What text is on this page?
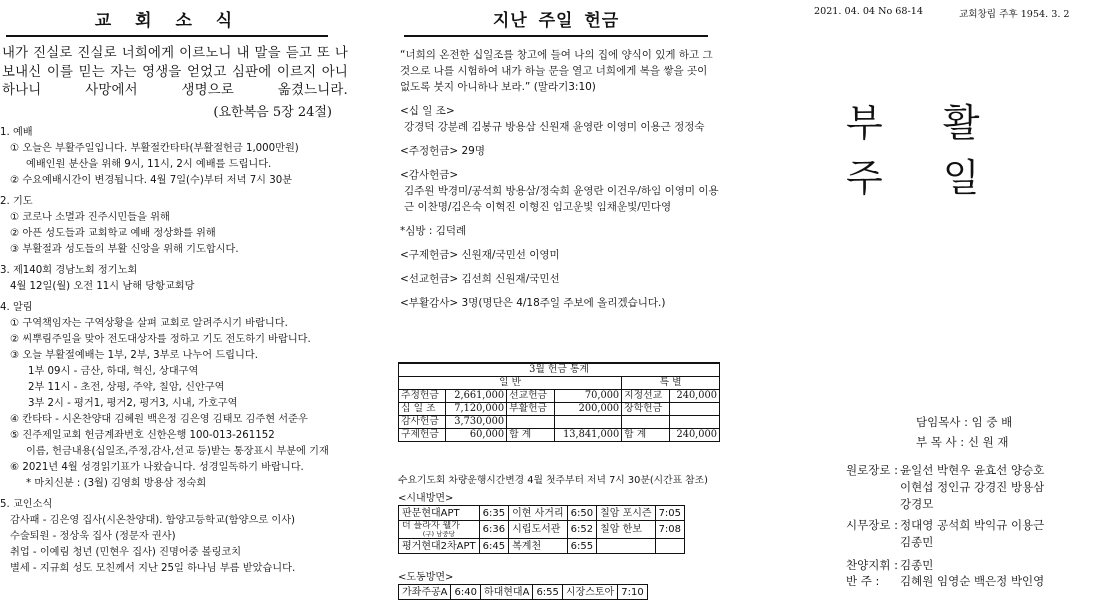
교 회 소 식
내가 진실로 진실로 너희에게 이르노니 내 말을 듣고 또 나 보내신 이를 믿는 자는 영생을 얻었고 심판에 이르지 아니하나니 사망에서 생명으로 옮겼느니라.
(요한복음 5장 24절)
1. 예배
① 오늘은 부활주일입니다. 부활절칸타타(부활절헌금 1,000만원)
예배인원 분산을 위해 9시, 11시, 2시 예배를 드립니다.
② 수요예배시간이 변경됩니다. 4월 7일(수)부터 저녁 7시 30분
2. 기도
① 코로나 소멸과 진주시민들을 위해
② 아픈 성도들과 교회학교 예배 정상화를 위해
③ 부활절과 성도들의 부활 신앙을 위해 기도합시다.
3. 제140회 경남노회 정기노회
4월 12일(월) 오전 11시 남해 당항교회당
4. 알림
① 구역책임자는 구역상황을 살펴 교회로 알려주시기 바랍니다.
② 씨뿌림주일을 맞아 전도대상자를 정하고 기도 전도하기 바랍니다.
③ 오늘 부활절예배는 1부, 2부, 3부로 나누어 드립니다.
1부 09시 - 금산, 하대, 혁신, 상대구역
2부 11시 - 초전, 상평, 주약, 칠암, 신안구역
3부 2시 - 평거1, 평거2, 평거3, 시내, 가호구역
④ 칸타타 - 시온찬양대 김혜원 백은정 김은영 김태모 김주현 서준우
⑤ 진주제일교회 헌금계좌번호 신한은행 100-013-261152
이름, 헌금내용(십일조,주정,감사,선교 등)받는 통장표시 부분에 기재
⑥ 2021년 4월 성경읽기표가 나왔습니다. 성경일독하기 바랍니다.
* 마치신분 : (3월) 김영희 방용삼 정숙희
5. 교인소식
감사패 - 김은영 집사(시온찬양대). 함양고등학교(함양으로 이사)
수술퇴원 - 정상욱 집사 (정문자 권사)
취업 - 이예림 청년 (민현우 집사) 진명어중 볼링코치
별세 - 지규희 성도 모친께서 지난 25일 하나님 부름 받았습니다.
지난 주일 헌금
“너희의 온전한 십일조를 창고에 들여 나의 집에 양식이 있게 하고 그것으로 나를 시험하여 내가 하늘 문을 열고 너희에게 복을 쌓을 곳이 없도록 붓지 아니하나 보라.” (말라기3:10)
<십 일 조>
강경덕 강분례 김봉규 방용삼 신원재 윤영란 이영미 이용근 정정숙
<주정헌금> 29명
<감사헌금>
김주원 박경미/공석희 방용삼/정숙희 윤영란 이건우/하임 이영미 이용근 이찬명/김은숙 이혁진 이형진 임고운빛 임채운빛/민다영
*심방 : 김덕례
<구제헌금> 신원재/국민선 이영미
<선교헌금> 김선희 신원재/국민선
<부활감사> 3명(명단은 4/18주일 주보에 올리겠습니다.)
3월 헌금 통계					
일 반				특 별	
주정헌금	2,661,000	선교헌금	70,000	지정선교	240,000
십 일 조	7,120,000	부활헌금	200,000	장학헌금	
감사헌금	3,730,000				
구제헌금	60,000	합 계	13,841,000	합 계	240,000
수요기도회 차량운행시간변경 4월 첫주부터 저녁 7시 30분(시간표 참조)
<시내방면>
판문현대APT	6:35	이현 사거리	6:50	칠암 포시즌	7:05
더 플라자 웰가
(구) 남중당	6:36	시립도서관	6:52	칠암 한보	7:08
평거현대2차APT	6:45	복계천	6:55		
<도동방면>
가좌주공A	6:40	하대현대A	6:55	시장스토아	7:10
2021. 04. 04 No 68-14	교회창립 주후 1954. 3. 2
부 활 주 일
담임목사 : 임 중 배
부 목 사 : 신 원 재
원로장로 : 윤일선 박현우 윤효선 양승호
이현섭 정인규 강경진 방용삼
강경모
시무장로 : 정대영 공석희 박익규 이용근
김종민
찬양지휘 : 김종민
반 주 : 김혜원 임영순 백은정 박인영
